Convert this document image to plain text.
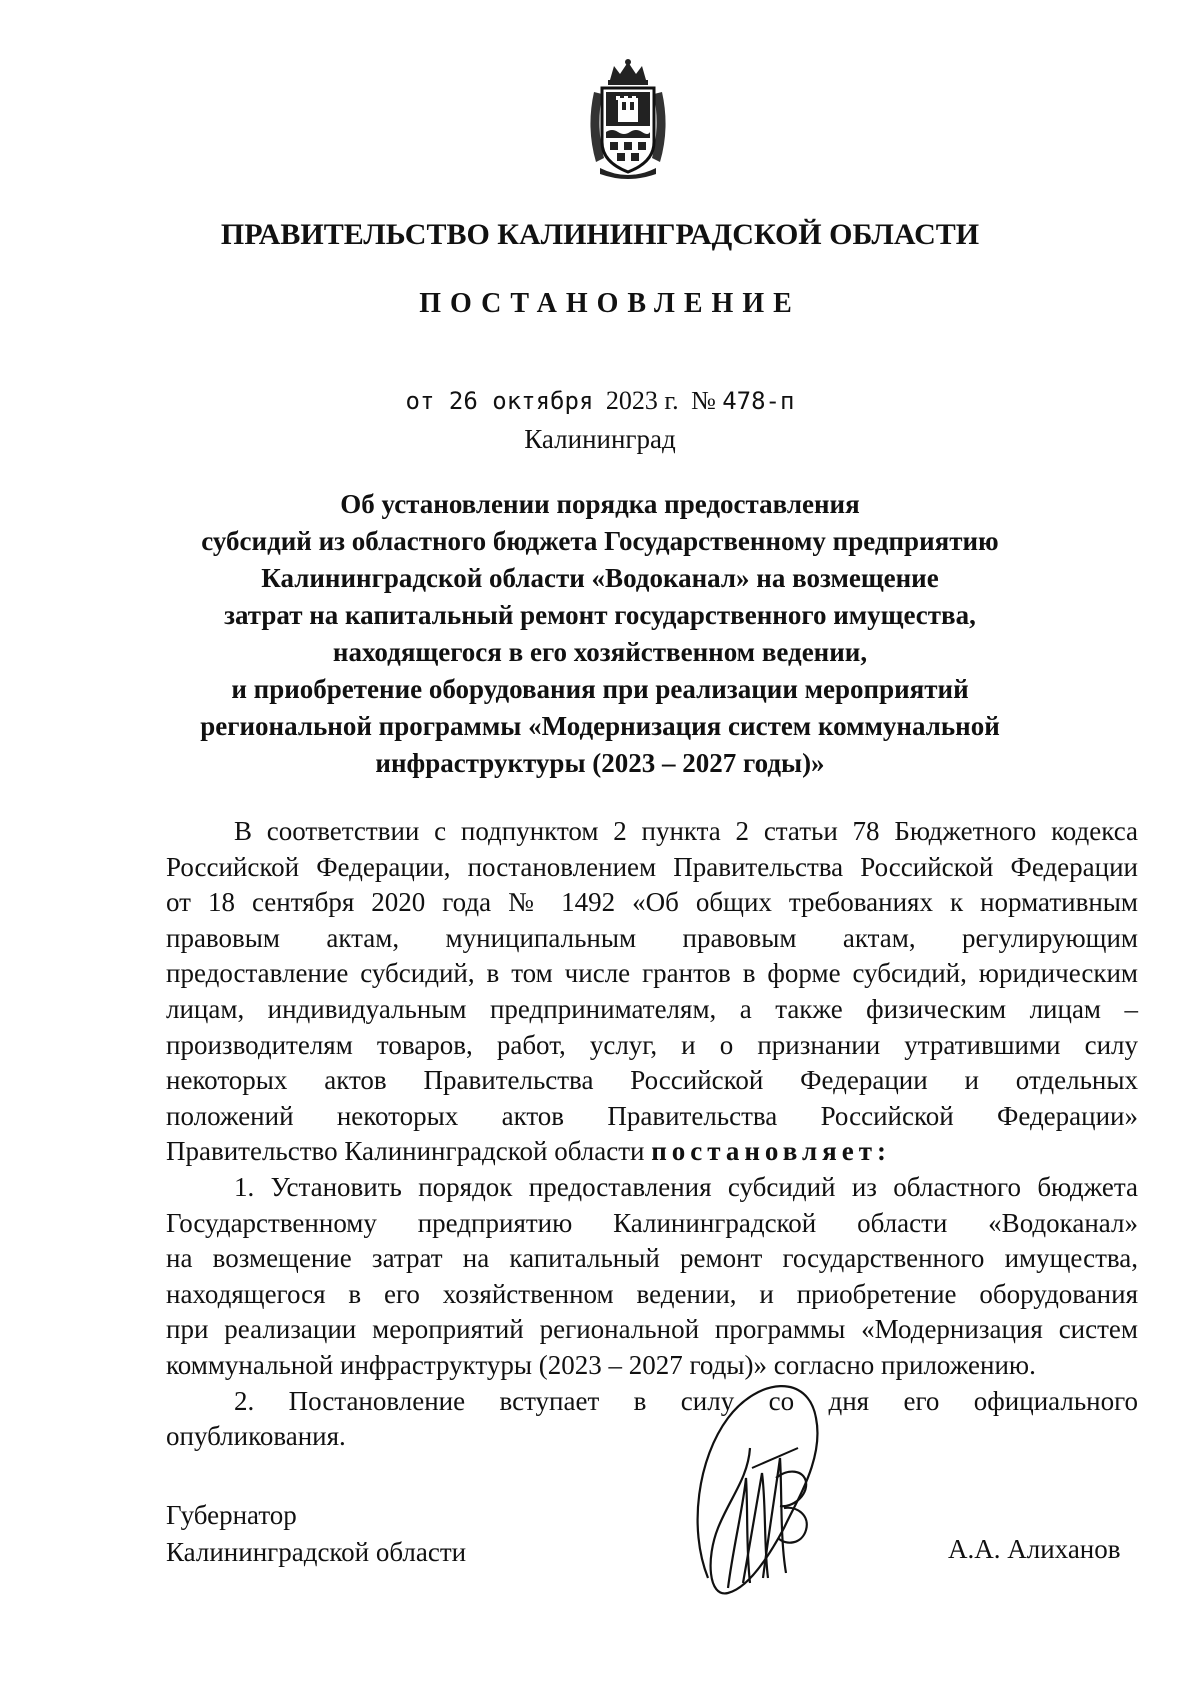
ПРАВИТЕЛЬСТВО КАЛИНИНГРАДСКОЙ ОБЛАСТИ
ПОСТАНОВЛЕНИЕ
от 26 октября 2023 г. № 478-п
Калининград
Об установлении порядка предоставления
субсидий из областного бюджета Государственному предприятию
Калининградской области «Водоканал» на возмещение
затрат на капитальный ремонт государственного имущества,
находящегося в его хозяйственном ведении,
и приобретение оборудования при реализации мероприятий
региональной программы «Модернизация систем коммунальной
инфраструктуры (2023 – 2027 годы)»
В соответствии с подпунктом 2 пункта 2 статьи 78 Бюджетного кодекса
Российской Федерации, постановлением Правительства Российской Федерации
от 18 сентября 2020 года № 1492 «Об общих требованиях к нормативным
правовым актам, муниципальным правовым актам, регулирующим
предоставление субсидий, в том числе грантов в форме субсидий, юридическим
лицам, индивидуальным предпринимателям, а также физическим лицам –
производителям товаров, работ, услуг, и о признании утратившими силу
некоторых актов Правительства Российской Федерации и отдельных
положений некоторых актов Правительства Российской Федерации»
Правительство Калининградской области постановляет:
1. Установить порядок предоставления субсидий из областного бюджета
Государственному предприятию Калининградской области «Водоканал»
на возмещение затрат на капитальный ремонт государственного имущества,
находящегося в его хозяйственном ведении, и приобретение оборудования
при реализации мероприятий региональной программы «Модернизация систем
коммунальной инфраструктуры (2023 – 2027 годы)» согласно приложению.
2. Постановление вступает в силу со дня его официального
опубликования.
Губернатор
Калининградской области	А.А. Алиханов
